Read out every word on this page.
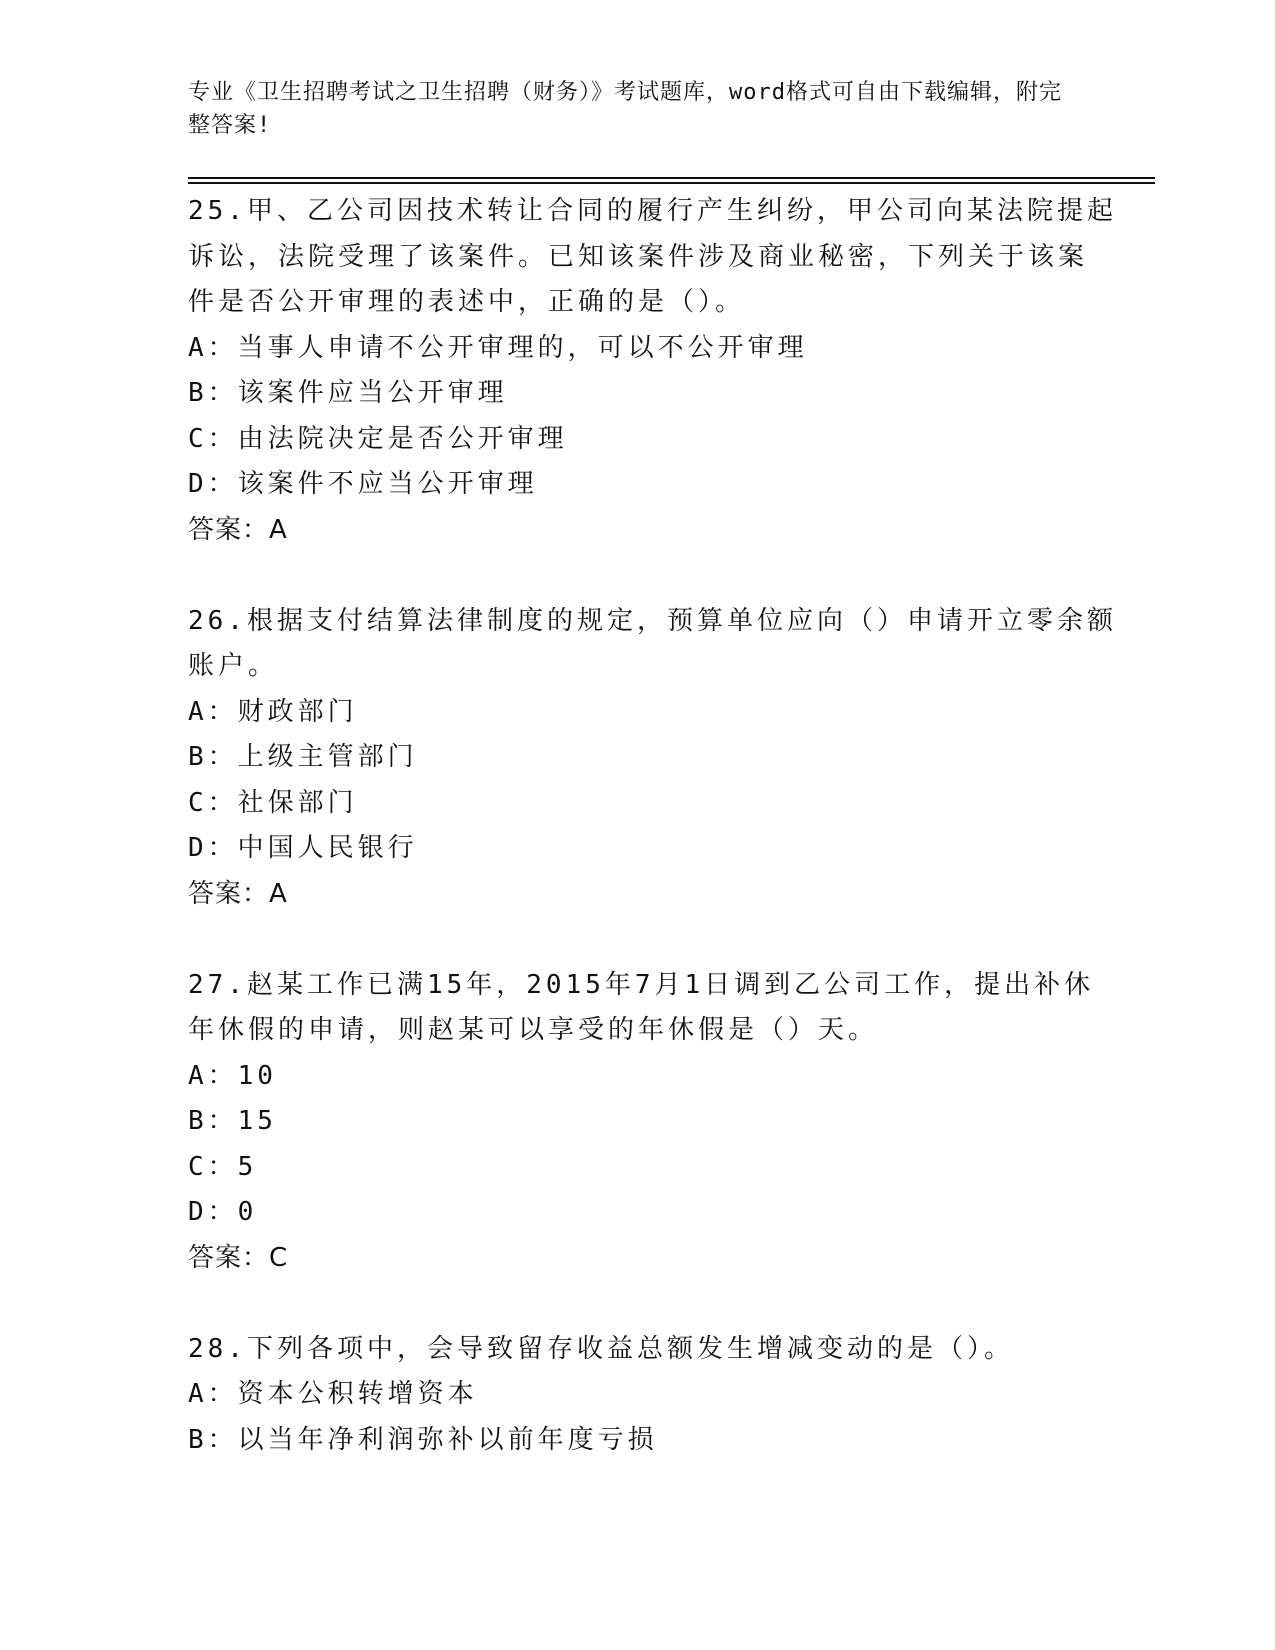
专业《卫生招聘考试之卫生招聘（财务）》考试题库，word格式可自由下载编辑，附完整答案!
25.甲、乙公司因技术转让合同的履行产生纠纷，甲公司向某法院提起
诉讼，法院受理了该案件。已知该案件涉及商业秘密，下列关于该案
件是否公开审理的表述中，正确的是（）。
A：当事人申请不公开审理的，可以不公开审理
B：该案件应当公开审理
C：由法院决定是否公开审理
D：该案件不应当公开审理
答案：A
26.根据支付结算法律制度的规定，预算单位应向（）申请开立零余额
账户。
A：财政部门
B：上级主管部门
C：社保部门
D：中国人民银行
答案：A
27.赵某工作已满15年，2015年7月1日调到乙公司工作，提出补休
年休假的申请，则赵某可以享受的年休假是（）天。
A：10
B：15
C：5
D：0
答案：C
28.下列各项中，会导致留存收益总额发生增减变动的是（）。
A：资本公积转增资本
B：以当年净利润弥补以前年度亏损
